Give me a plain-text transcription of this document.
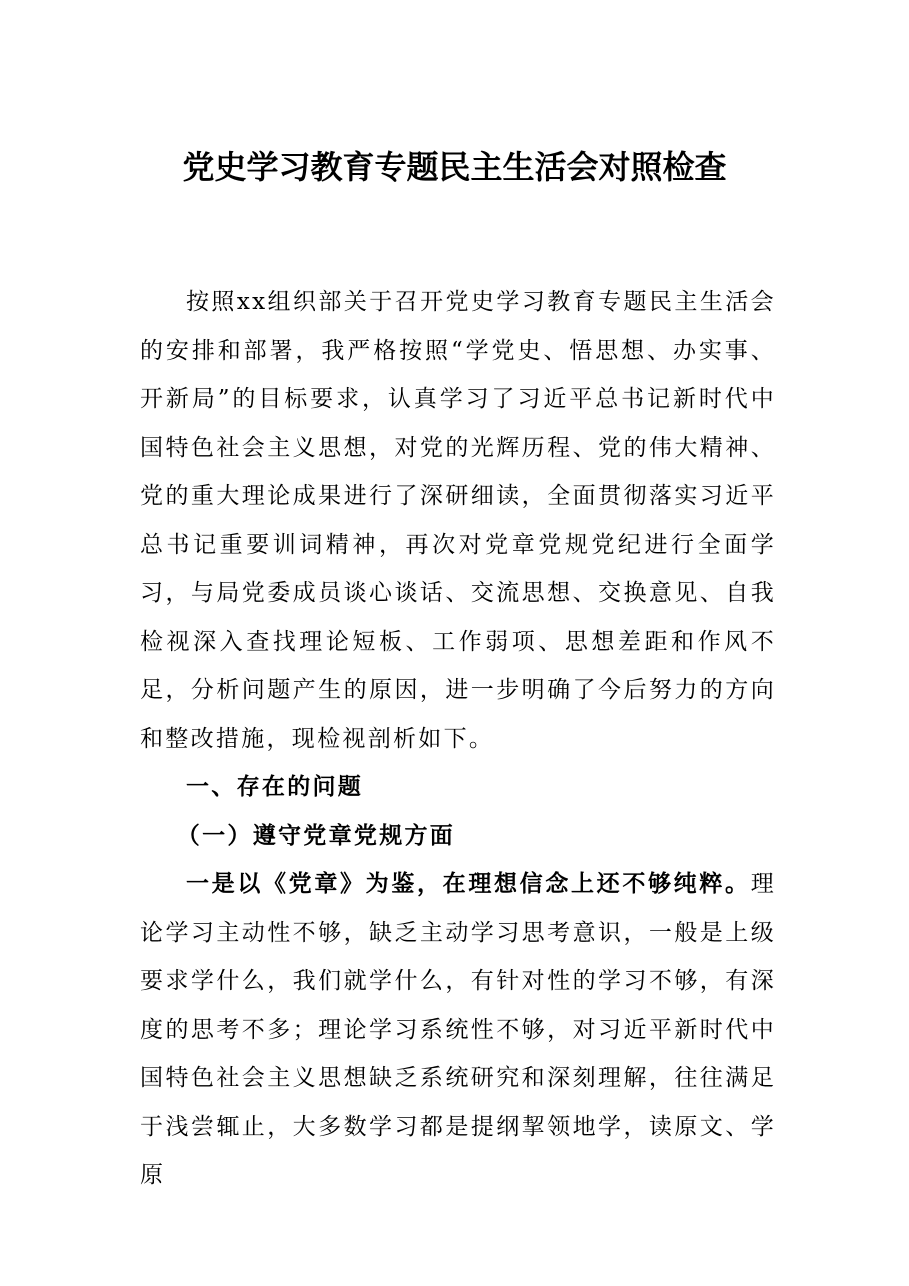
党史学习教育专题民主生活会对照检查

按照xx组织部关于召开党史学习教育专题民主生活会的安排和部署，我严格按照“学党史、悟思想、办实事、开新局”的目标要求，认真学习了习近平总书记新时代中国特色社会主义思想，对党的光辉历程、党的伟大精神、党的重大理论成果进行了深研细读，全面贯彻落实习近平总书记重要训词精神，再次对党章党规党纪进行全面学习，与局党委成员谈心谈话、交流思想、交换意见、自我检视深入查找理论短板、工作弱项、思想差距和作风不足，分析问题产生的原因，进一步明确了今后努力的方向和整改措施，现检视剖析如下。

一、存在的问题

（一）遵守党章党规方面

一是以《党章》为鉴，在理想信念上还不够纯粹。理论学习主动性不够，缺乏主动学习思考意识，一般是上级要求学什么，我们就学什么，有针对性的学习不够，有深度的思考不多；理论学习系统性不够，对习近平新时代中国特色社会主义思想缺乏系统研究和深刻理解，往往满足于浅尝辄止，大多数学习都是提纲挈领地学，读原文、学原
